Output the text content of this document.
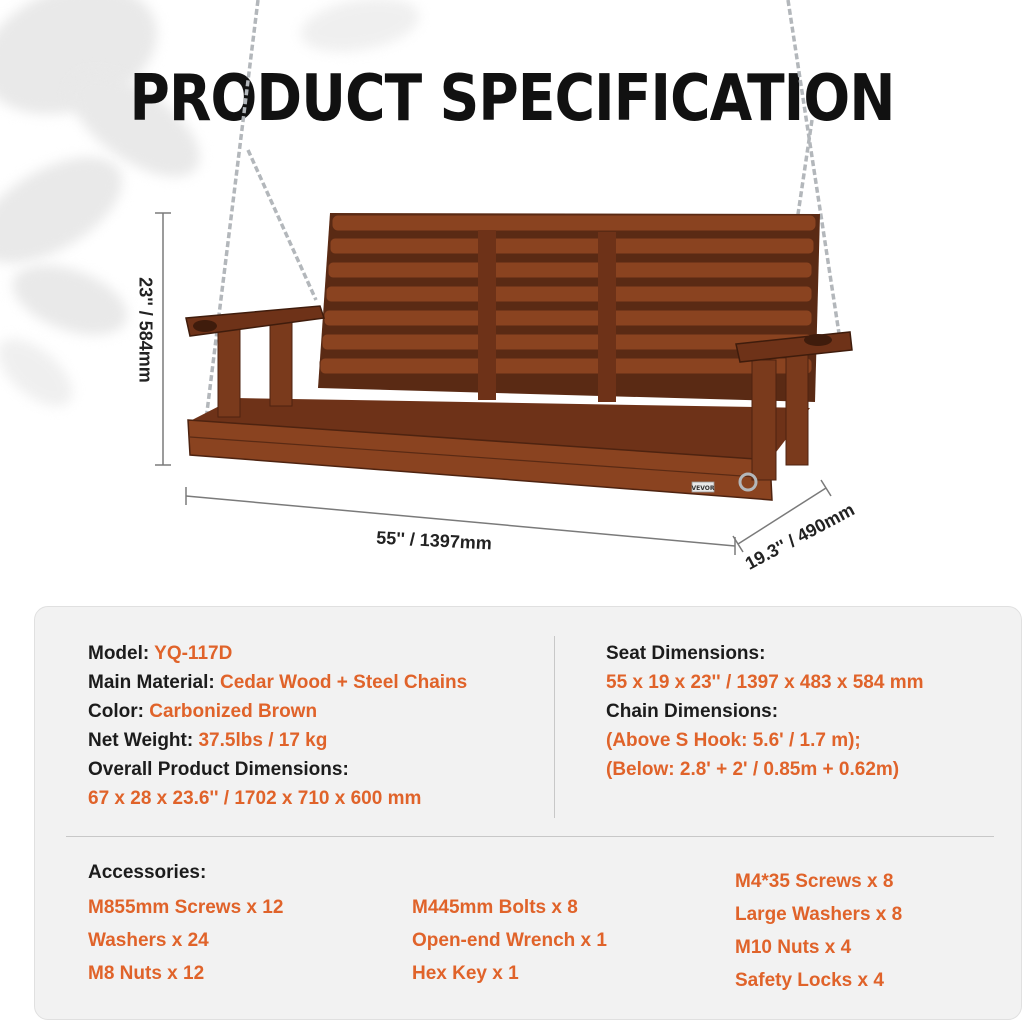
PRODUCT SPECIFICATION
VEVOR
23'' / 584mm
55'' / 1397mm	19.3'' / 490mm
Model: YQ-117D
Main Material: Cedar Wood + Steel Chains
Color: Carbonized Brown
Net Weight: 37.5lbs / 17 kg
Overall Product Dimensions:
67 x 28 x 23.6'' / 1702 x 710 x 600 mm
Seat Dimensions:
55 x 19 x 23'' / 1397 x 483 x 584 mm
Chain Dimensions:
(Above S Hook: 5.6' / 1.7 m);
(Below: 2.8' + 2' / 0.85m + 0.62m)
Accessories:
M855mm Screws x 12
Washers x 24
M8 Nuts x 12
M445mm Bolts x 8
Open-end Wrench x 1
Hex Key x 1
M4*35 Screws x 8
Large Washers x 8
M10 Nuts x 4
Safety Locks x 4
